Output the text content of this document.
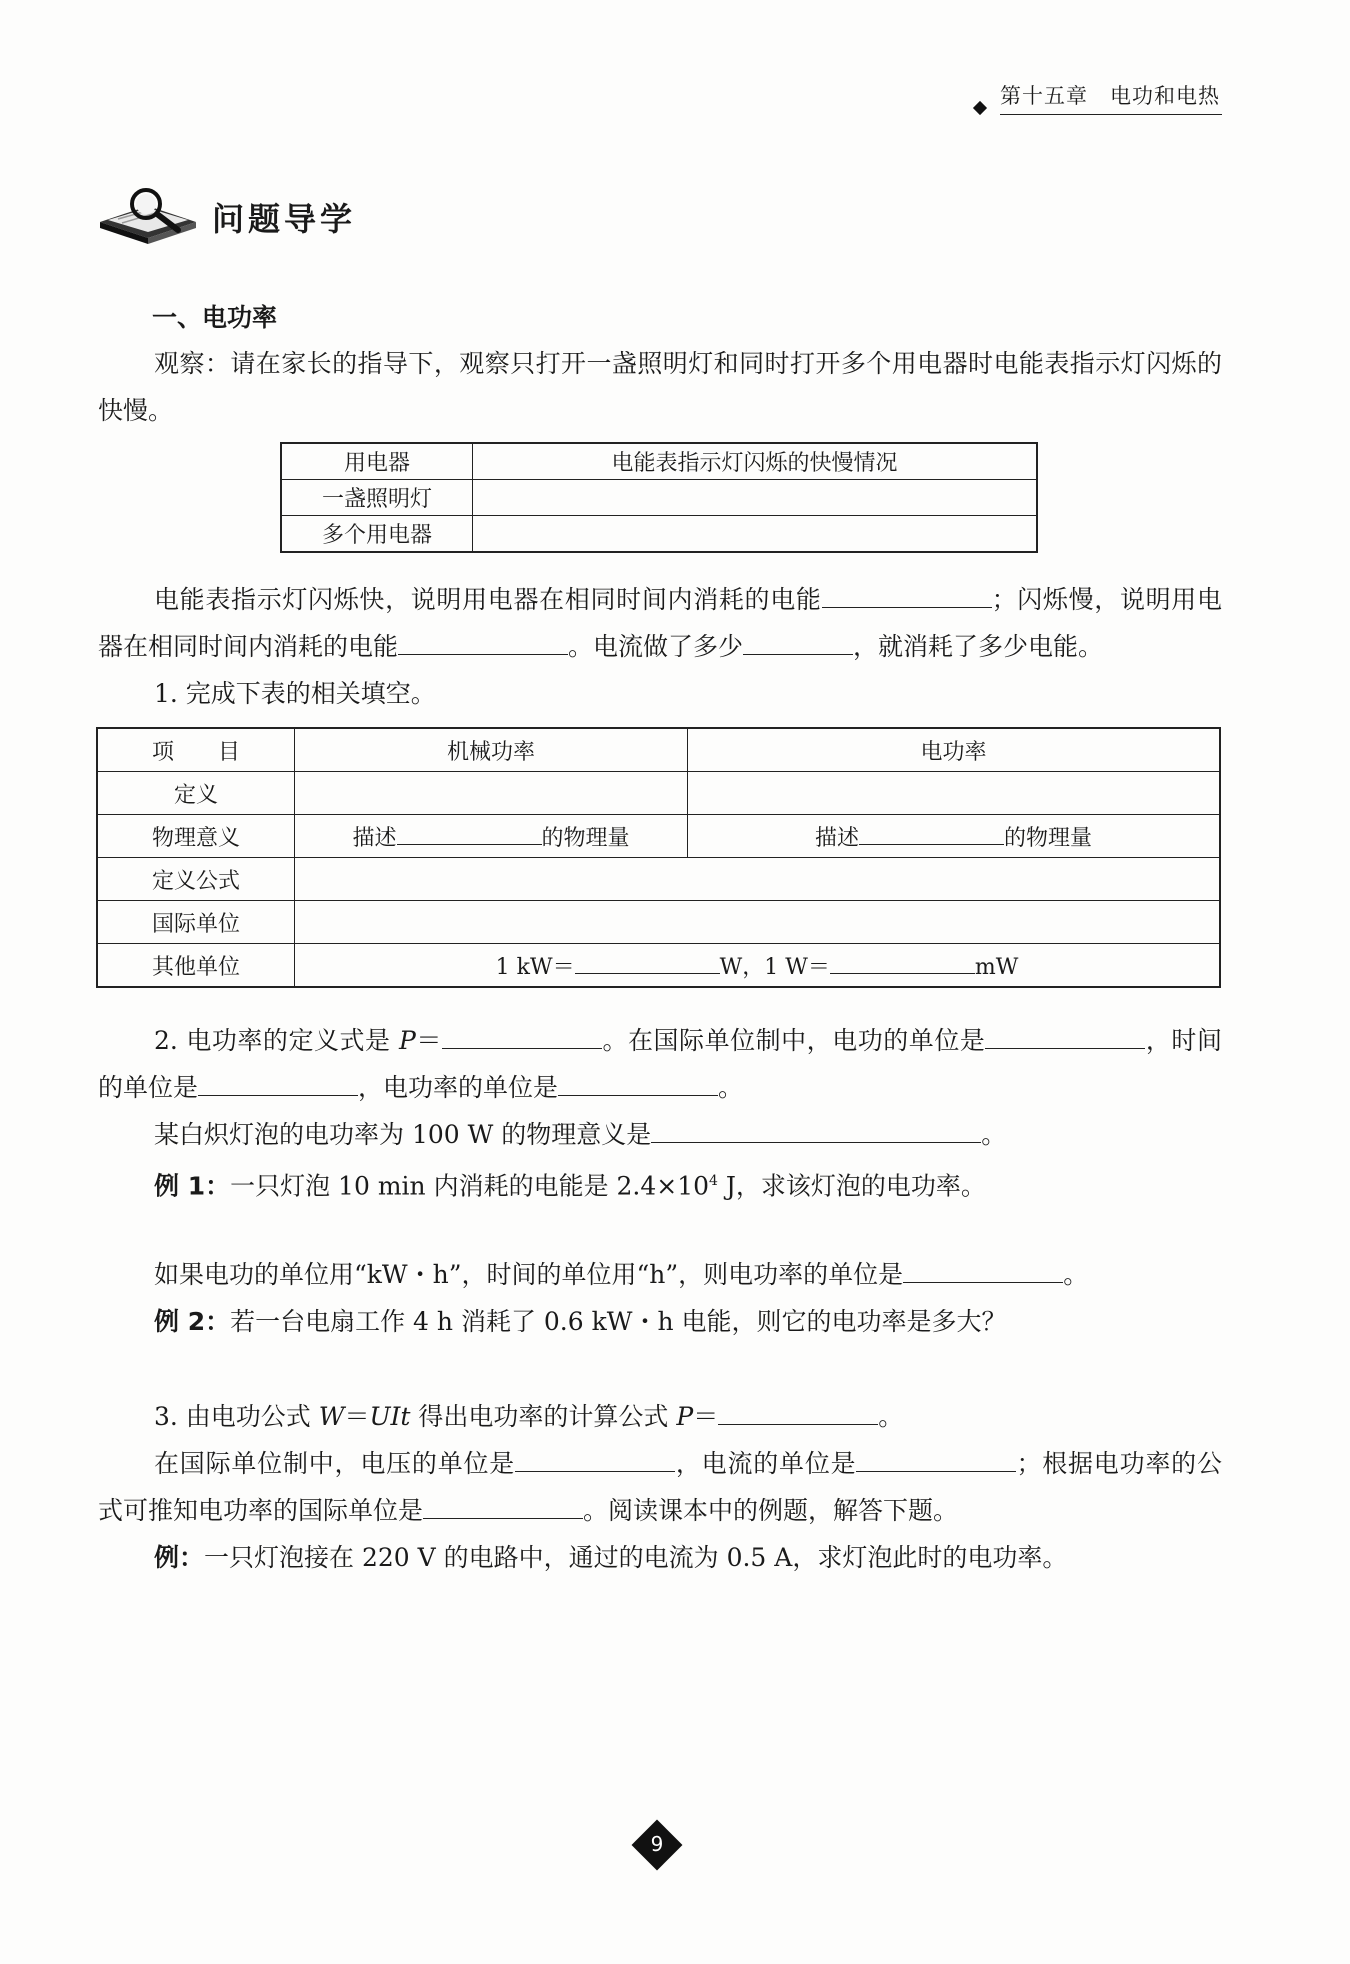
第十五章 电功和电热
问题导学
一、电功率
观察：请在家长的指导下，观察只打开一盏照明灯和同时打开多个用电器时电能表指示灯闪烁的快慢。
用电器	电能表指示灯闪烁的快慢情况
一盏照明灯	
多个用电器	
电能表指示灯闪烁快，说明用电器在相同时间内消耗的电能	；闪烁慢，说明用电器在相同时间内消耗的电能	。电流做了多少	，就消耗了多少电能。
1. 完成下表的相关填空。
项　　目	机械功率	电功率
定义		
物理意义	描述 的物理量	描述 的物理量
定义公式		
国际单位		
其他单位	1 kW＝ W，1 W＝ mW	
2. 电功率的定义式是 P＝	。在国际单位制中，电功的单位是	，时间的单位是	，电功率的单位是	。
某白炽灯泡的电功率为 100 W 的物理意义是	。
例 1：一只灯泡 10 min 内消耗的电能是 $2.4\times 10^4$ J，求该灯泡的电功率。
如果电功的单位用“kW・h”，时间的单位用“h”，则电功率的单位是	。
例 2：若一台电扇工作 4 h 消耗了 0.6 kW・h 电能，则它的电功率是多大？
3. 由电功公式 W＝UIt 得出电功率的计算公式 P＝	。
在国际单位制中，电压的单位是	，电流的单位是	；根据电功率的公式可推知电功率的国际单位是	。阅读课本中的例题，解答下题。
例：一只灯泡接在 220 V 的电路中，通过的电流为 0.5 A，求灯泡此时的电功率。
9
